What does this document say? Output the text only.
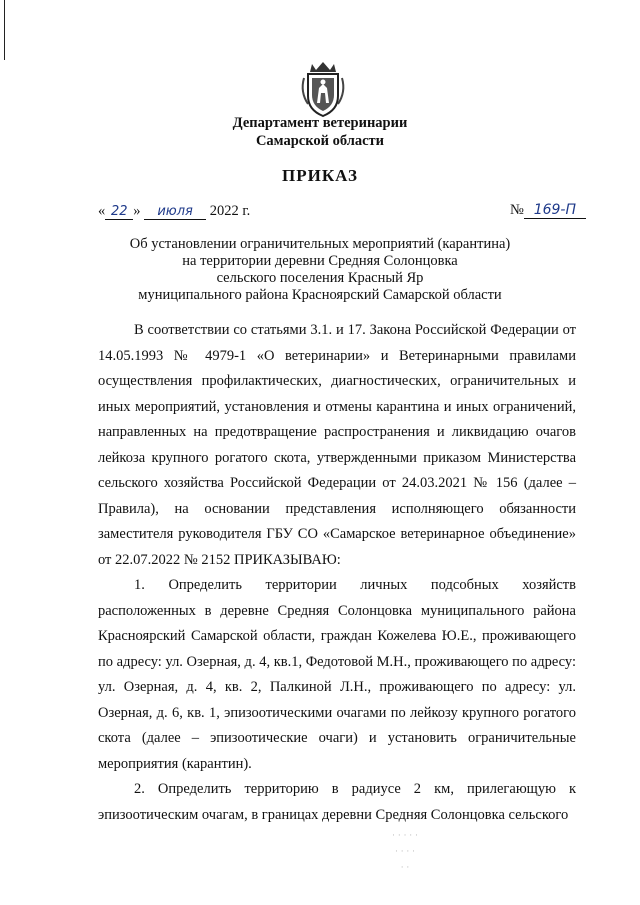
Департамент ветеринарии
Самарской области
ПРИКАЗ
« 22 » июля 2022 г.	№ 169-П
Об установлении ограничительных мероприятий (карантина)
на территории деревни Средняя Солонцовка
сельского поселения Красный Яр
муниципального района Красноярский Самарской области

В соответствии со статьями 3.1. и 17. Закона Российской Федерации от 14.05.1993 № 4979-1 «О ветеринарии» и Ветеринарными правилами осуществления профилактических, диагностических, ограничительных и иных мероприятий, установления и отмены карантина и иных ограничений, направленных на предотвращение распространения и ликвидацию очагов лейкоза крупного рогатого скота, утвержденными приказом Министерства сельского хозяйства Российской Федерации от 24.03.2021 № 156 (далее – Правила), на основании представления исполняющего обязанности заместителя руководителя ГБУ СО «Самарское ветеринарное объединение» от 22.07.2022 № 2152 ПРИКАЗЫВАЮ:

1. Определить территории личных подсобных хозяйств расположенных в деревне Средняя Солонцовка муниципального района Красноярский Самарской области, граждан Кожелева Ю.Е., проживающего по адресу: ул. Озерная, д. 4, кв.1, Федотовой М.Н., проживающего по адресу: ул. Озерная, д. 4, кв. 2, Палкиной Л.Н., проживающего по адресу: ул. Озерная, д. 6, кв. 1, эпизоотическими очагами по лейкозу крупного рогатого скота (далее – эпизоотические очаги) и установить ограничительные мероприятия (карантин).

2. Определить территорию в радиусе 2 км, прилегающую к эпизоотическим очагам, в границах деревни Средняя Солонцовка сельского

· · · · ·
· · · ·
· ·
